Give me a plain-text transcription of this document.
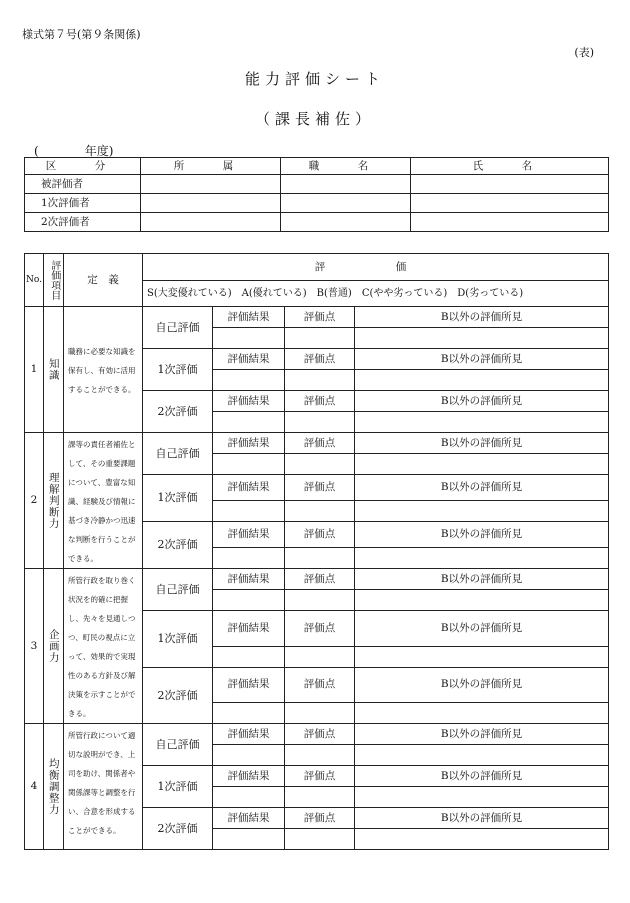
様式第７号(第９条関係)
(表)
能力評価シート
（課長補佐）
(	年度)
区　分	所　属	職　名	氏　名
被評価者			
1次評価者			
2次評価者			
No.	評価項目	定　義	評　価			
			S(大変優れている)　A(優れている)　B(普通)　C(やや劣っている)　D(劣っている)			
1	知識	職務に必要な知識を保有し、有効に活用することができる。	自己評価	評価結果	評価点	B以外の評価所見

			1次評価	評価結果	評価点	B以外の評価所見

			2次評価	評価結果	評価点	B以外の評価所見

2	理解判断力	課等の責任者補佐として、その重要課題について、豊富な知識、経験及び情報に基づき冷静かつ迅速な判断を行うことができる。	自己評価	評価結果	評価点	B以外の評価所見

			1次評価	評価結果	評価点	B以外の評価所見

			2次評価	評価結果	評価点	B以外の評価所見

3	企画力	所管行政を取り巻く状況を的確に把握し、先々を見通しつつ、町民の視点に立って、効果的で実現性のある方針及び解決策を示すことができる。	自己評価	評価結果	評価点	B以外の評価所見

			1次評価	評価結果	評価点	B以外の評価所見

			2次評価	評価結果	評価点	B以外の評価所見

4	均衡調整力	所管行政について適切な説明ができ、上司を助け、関係者や関係課等と調整を行い、合意を形成することができる。	自己評価	評価結果	評価点	B以外の評価所見

			1次評価	評価結果	評価点	B以外の評価所見

			2次評価	評価結果	評価点	B以外の評価所見
